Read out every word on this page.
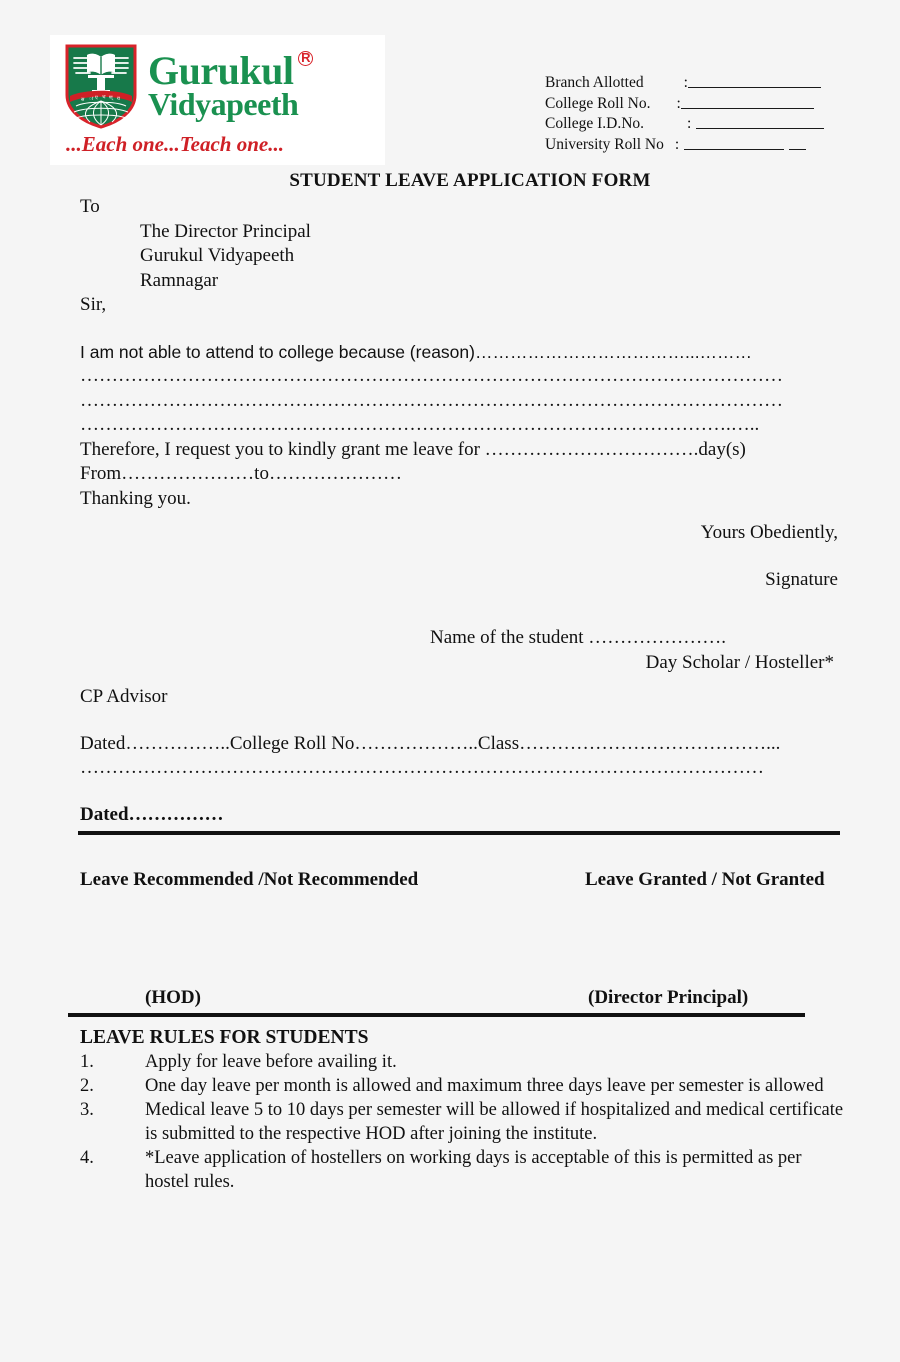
स ा ए भ ण् य
Gurukul
Vidyapeeth
R
...Each one...Teach one...
Branch Allotted	:
College Roll No. :
College I.D.No.	:
University Roll No :
STUDENT LEAVE APPLICATION FORM
To
The Director Principal
Gurukul Vidyapeeth
Ramnagar
Sir,
I am not able to attend to college because (reason)………………………………...………
…………………………………………………………………………………………………
…………………………………………………………………………………………………
………………………………………………………………………………………….…..
Therefore, I request you to kindly grant me leave for …………………………….day(s)
From…………………to…………………
Thanking you.
Yours Obediently,
Signature
Name of the student ………………….
Day Scholar / Hosteller*
CP Advisor
Dated……………..College Roll No………………..Class…………………………………...
………………………………………………………………………………………………
Dated……………
Leave Recommended /Not Recommended	Leave Granted / Not Granted
(HOD)	(Director Principal)
LEAVE RULES FOR STUDENTS
1.	Apply for leave before availing it.
2.	One day leave per month is allowed and maximum three days leave per semester is allowed
3.	Medical leave 5 to 10 days per semester will be allowed if hospitalized and medical certificate is submitted to the respective HOD after joining the institute.
4.	*Leave application of hostellers on working days is acceptable of this is permitted as per hostel rules.
